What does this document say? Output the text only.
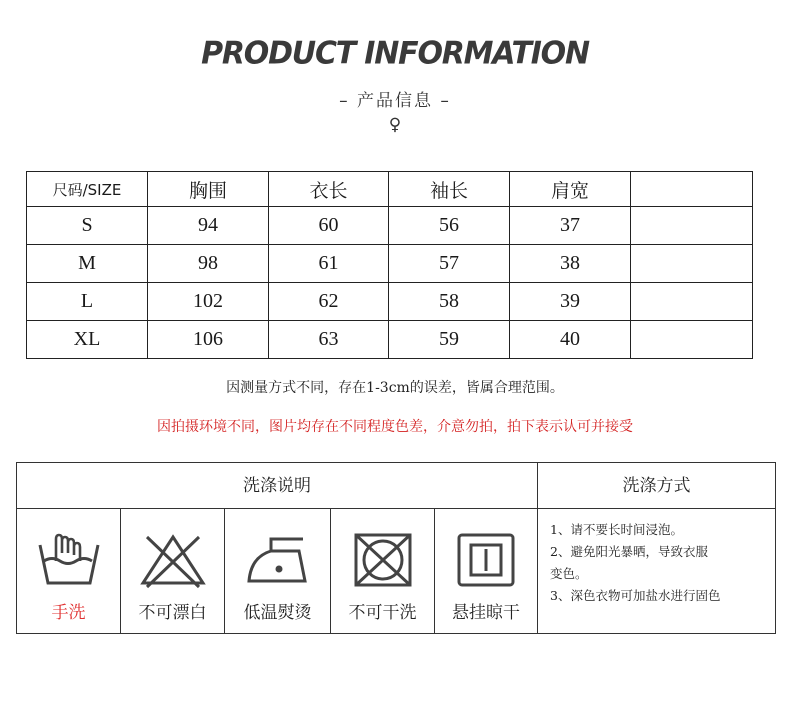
PRODUCT INFORMATION
– 产品信息 –
♀
尺码/SIZE	胸围	衣长	袖长	肩宽	
S	94	60	56	37	
M	98	61	57	38	
L	102	62	58	39	
XL	106	63	59	40	
因测量方式不同，存在1-3cm的误差，皆属合理范围。
因拍摄环境不同，图片均存在不同程度色差，介意勿拍，拍下表示认可并接受
洗涤说明	洗涤方式
手洗	不可漂白	低温熨烫	不可干洗	悬挂晾干
1、请不要长时间浸泡。
2、避免阳光暴晒，导致衣服
变色。
3、深色衣物可加盐水进行固色
